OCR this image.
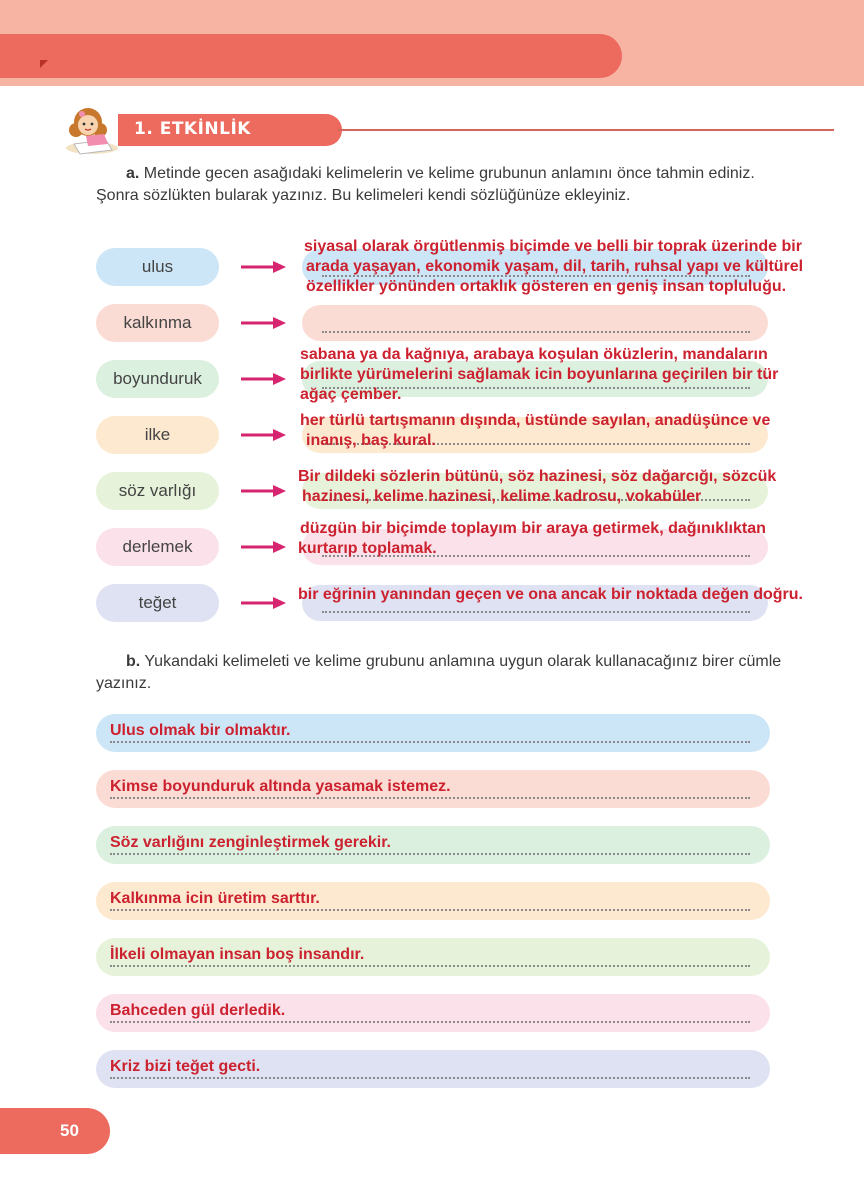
1. ETKİNLİK

a. Metinde gecen asağıdaki kelimelerin ve kelime grubunun anlamını önce tahmin ediniz. Şonra sözlükten bularak yazınız. Bu kelimeleri kendi sözlüğünüze ekleyiniz.

ulus
siyasal olarak örgütlenmiş biçimde ve belli bir toprak üzerinde bir
arada yaşayan, ekonomik yaşam, dil, tarih, ruhsal yapı ve kültürel
özellikler yönünden ortaklık gösteren en geniş insan topluluğu.
kalkınma
boyunduruk
sabana ya da kağnıya, arabaya koşulan öküzlerin, mandaların
birlikte yürümelerini sağlamak icin boyunlarına geçirilen bir tür
ağaç çember.
ilke
her türlü tartışmanın dışında, üstünde sayılan, anadüşünce ve
inanış, baş kural.
söz varlığı
Bir dildeki sözlerin bütünü, söz hazinesi, söz dağarcığı, sözcük
hazinesi, kelime hazinesi, kelime kadrosu, vokabüler
derlemek
düzgün bir biçimde toplayım bir araya getirmek, dağınıklıktan
kurtarıp toplamak.
teğet	bir eğrinin yanından geçen ve ona ancak bir noktada değen doğru.

b. Yukandaki kelimeleti ve kelime grubunu anlamına uygun olarak kullanacağınız birer cümle yazınız.

Ulus olmak bir olmaktır.
Kimse boyunduruk altında yasamak istemez.
Söz varlığını zenginleştirmek gerekir.
Kalkınma icin üretim sarttır.
İlkeli olmayan insan boş insandır.
Bahceden gül derledik.
Kriz bizi teğet gecti.
50
